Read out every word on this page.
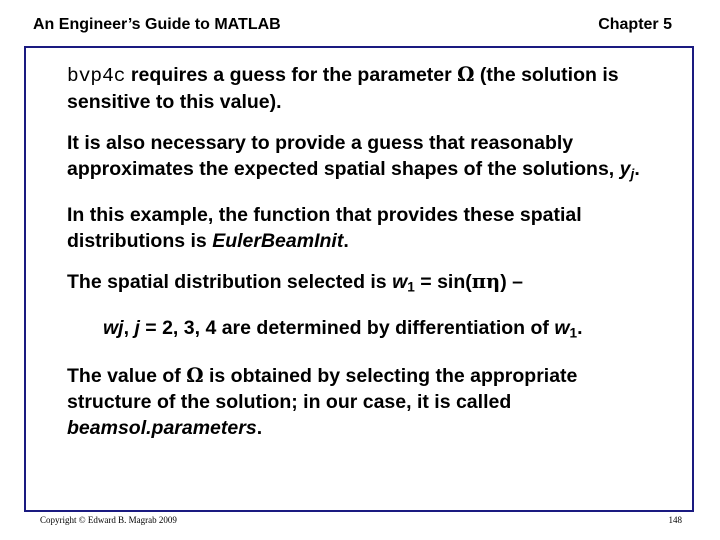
An Engineer’s Guide to MATLAB	Chapter 5

bvp4c requires a guess for the parameter Ω (the solution is sensitive to this value).

It is also necessary to provide a guess that reasonably approximates the expected spatial shapes of the solutions, $y_j$.

In this example, the function that provides these spatial distributions is EulerBeamInit.

The spatial distribution selected is $w_1 = \sin(\pi\eta)$ –

wj, j = 2, 3, 4 are determined by differentiation of $w_1$.

The value of Ω is obtained by selecting the appropriate structure of the solution; in our case, it is called beamsol.parameters.

Copyright © Edward B. Magrab 2009	148
